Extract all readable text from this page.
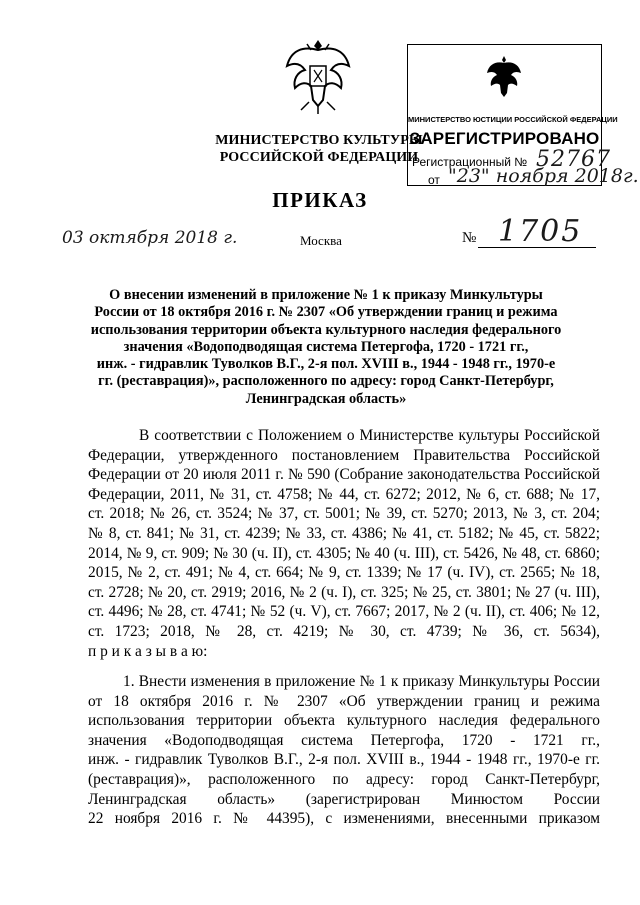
МИНИСТЕРСТВО КУЛЬТУРЫ
РОССИЙСКОЙ ФЕДЕРАЦИИ
МИНИСТЕРСТВО ЮСТИЦИИ РОССИЙСКОЙ ФЕДЕРАЦИИ
ЗАРЕГИСТРИРОВАНО
Регистрационный № 52767
от "23" ноября 2018г.
ПРИКАЗ
03 октября 2018 г.	Москва	№ 1705
О внесении изменений в приложение № 1 к приказу Минкультуры
России от 18 октября 2016 г. № 2307 «Об утверждении границ и режима
использования территории объекта культурного наследия федерального
значения «Водоподводящая система Петергофа, 1720 - 1721 гг.,
инж. - гидравлик Туволков В.Г., 2-я пол. XVIII в., 1944 - 1948 гг., 1970-е
гг. (реставрация)», расположенного по адресу: город Санкт-Петербург,
Ленинградская область»
В соответствии с Положением о Министерстве культуры Российской
Федерации, утвержденного постановлением Правительства Российской
Федерации от 20 июля 2011 г. № 590 (Собрание законодательства Российской
Федерации, 2011, № 31, ст. 4758; № 44, ст. 6272; 2012, № 6, ст. 688; № 17,
ст. 2018; № 26, ст. 3524; № 37, ст. 5001; № 39, ст. 5270; 2013, № 3, ст. 204;
№ 8, ст. 841; № 31, ст. 4239; № 33, ст. 4386; № 41, ст. 5182; № 45, ст. 5822;
2014, № 9, ст. 909; № 30 (ч. II), ст. 4305; № 40 (ч. III), ст. 5426, № 48, ст. 6860;
2015, № 2, ст. 491; № 4, ст. 664; № 9, ст. 1339; № 17 (ч. IV), ст. 2565; № 18,
ст. 2728; № 20, ст. 2919; 2016, № 2 (ч. I), ст. 325; № 25, ст. 3801; № 27 (ч. III),
ст. 4496; № 28, ст. 4741; № 52 (ч. V), ст. 7667; 2017, № 2 (ч. II), ст. 406; № 12,
ст. 1723; 2018, № 28, ст. 4219; № 30, ст. 4739; № 36, ст. 5634),
п р и к а з ы в а ю:
1. Внести изменения в приложение № 1 к приказу Минкультуры России
от 18 октября 2016 г. № 2307 «Об утверждении границ и режима
использования территории объекта культурного наследия федерального
значения «Водоподводящая система Петергофа, 1720 - 1721 гг.,
инж. - гидравлик Туволков В.Г., 2-я пол. XVIII в., 1944 - 1948 гг., 1970-е гг.
(реставрация)», расположенного по адресу: город Санкт-Петербург,
Ленинградская область» (зарегистрирован Минюстом России
22 ноября 2016 г. № 44395), с изменениями, внесенными приказом
